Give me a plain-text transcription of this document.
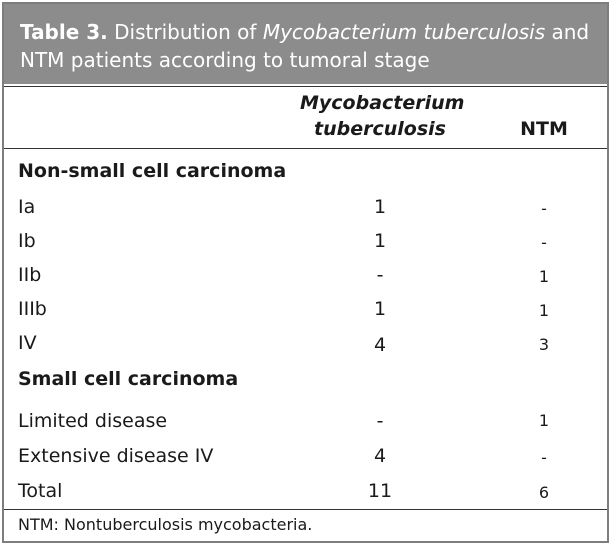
Table 3. Distribution of Mycobacterium tuberculosis and
NTM patients according to tumoral stage
Mycobacterium
tuberculosis	NTM
Non-small cell carcinoma
Ia	1	-
Ib	1	-
IIb	-	1
IIIb	1	1
IV	4	3
Small cell carcinoma
Limited disease	-	1
Extensive disease IV	4	-
Total	11	6
NTM: Nontuberculosis mycobacteria.
